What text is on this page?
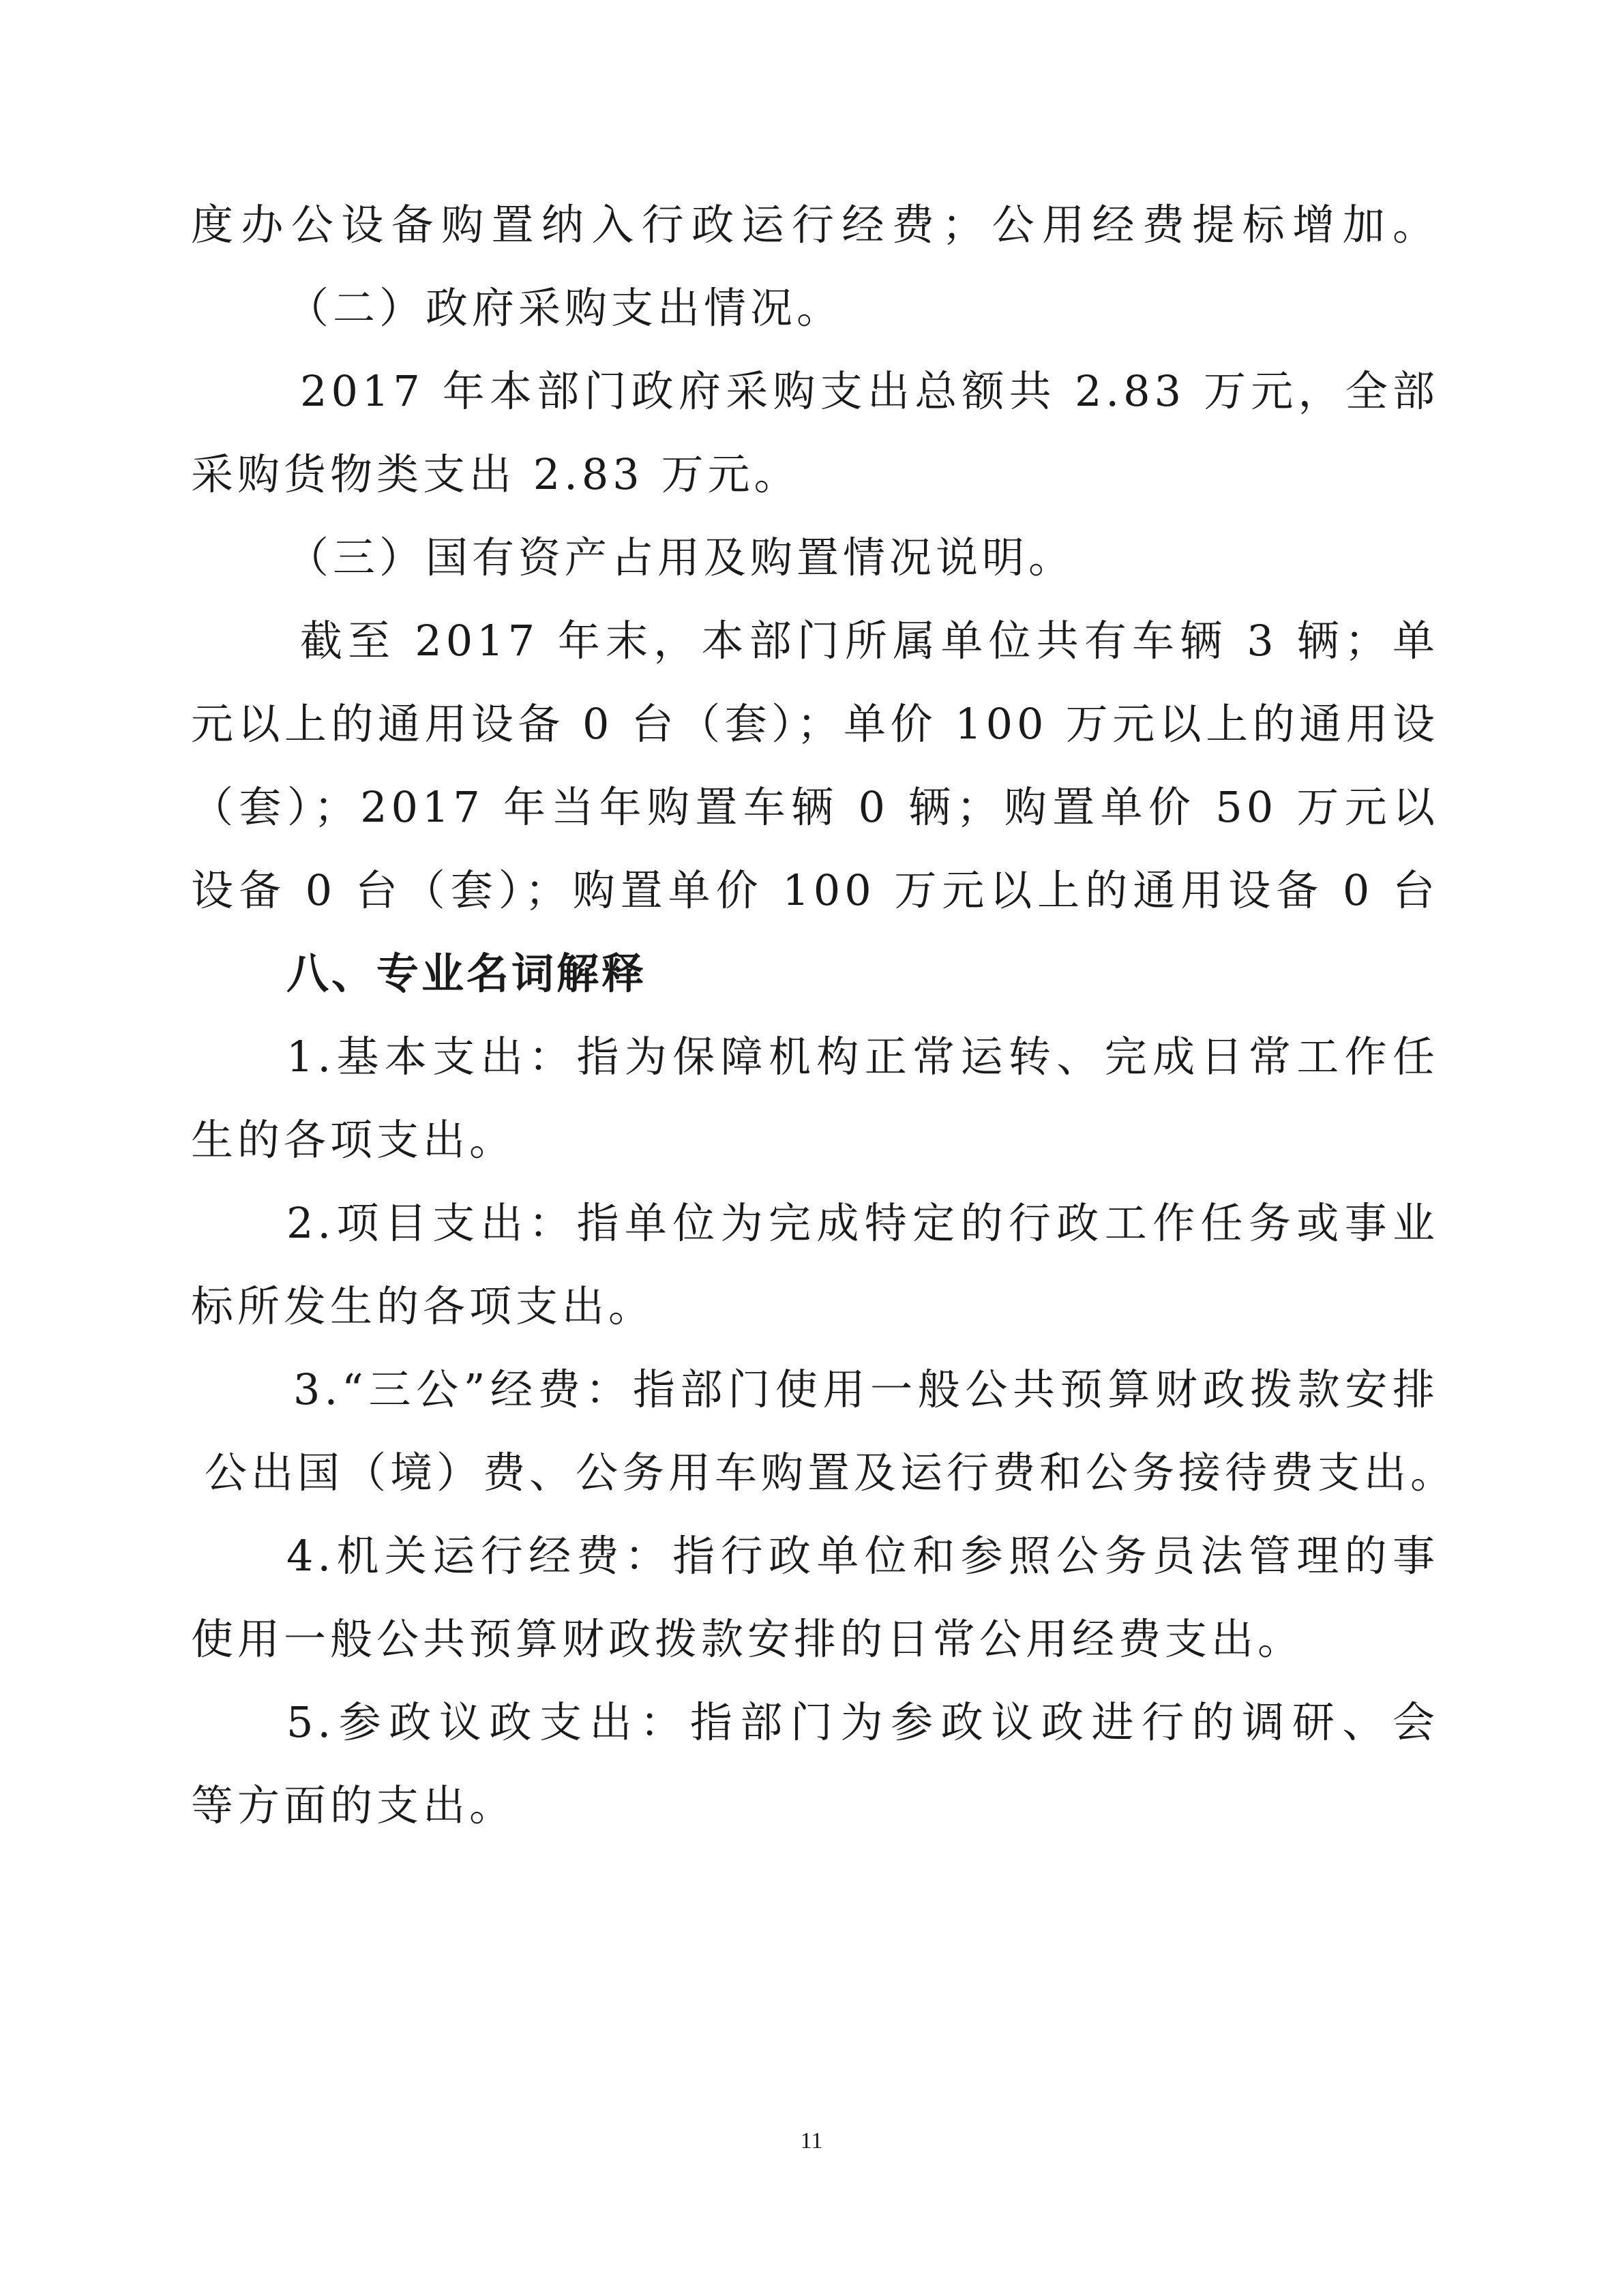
度办公设备购置纳入行政运行经费；公用经费提标增加。
（二）政府采购支出情况。
2017 年本部门政府采购支出总额共 2.83 万元，全部
采购货物类支出 2.83 万元。
（三）国有资产占用及购置情况说明。
截至 2017 年末，本部门所属单位共有车辆 3 辆；单
元以上的通用设备 0 台（套）；单价 100 万元以上的通用设
（套）；2017 年当年购置车辆 0 辆；购置单价 50 万元以
设备 0 台（套）；购置单价 100 万元以上的通用设备 0 台
八、专业名词解释
1.基本支出：指为保障机构正常运转、完成日常工作任
生的各项支出。
2.项目支出：指单位为完成特定的行政工作任务或事业
标所发生的各项支出。
3.“三公”经费：指部门使用一般公共预算财政拨款安排
公出国（境）费、公务用车购置及运行费和公务接待费支出。
4.机关运行经费：指行政单位和参照公务员法管理的事
使用一般公共预算财政拨款安排的日常公用经费支出。
5.参政议政支出：指部门为参政议政进行的调研、会
等方面的支出。
11
